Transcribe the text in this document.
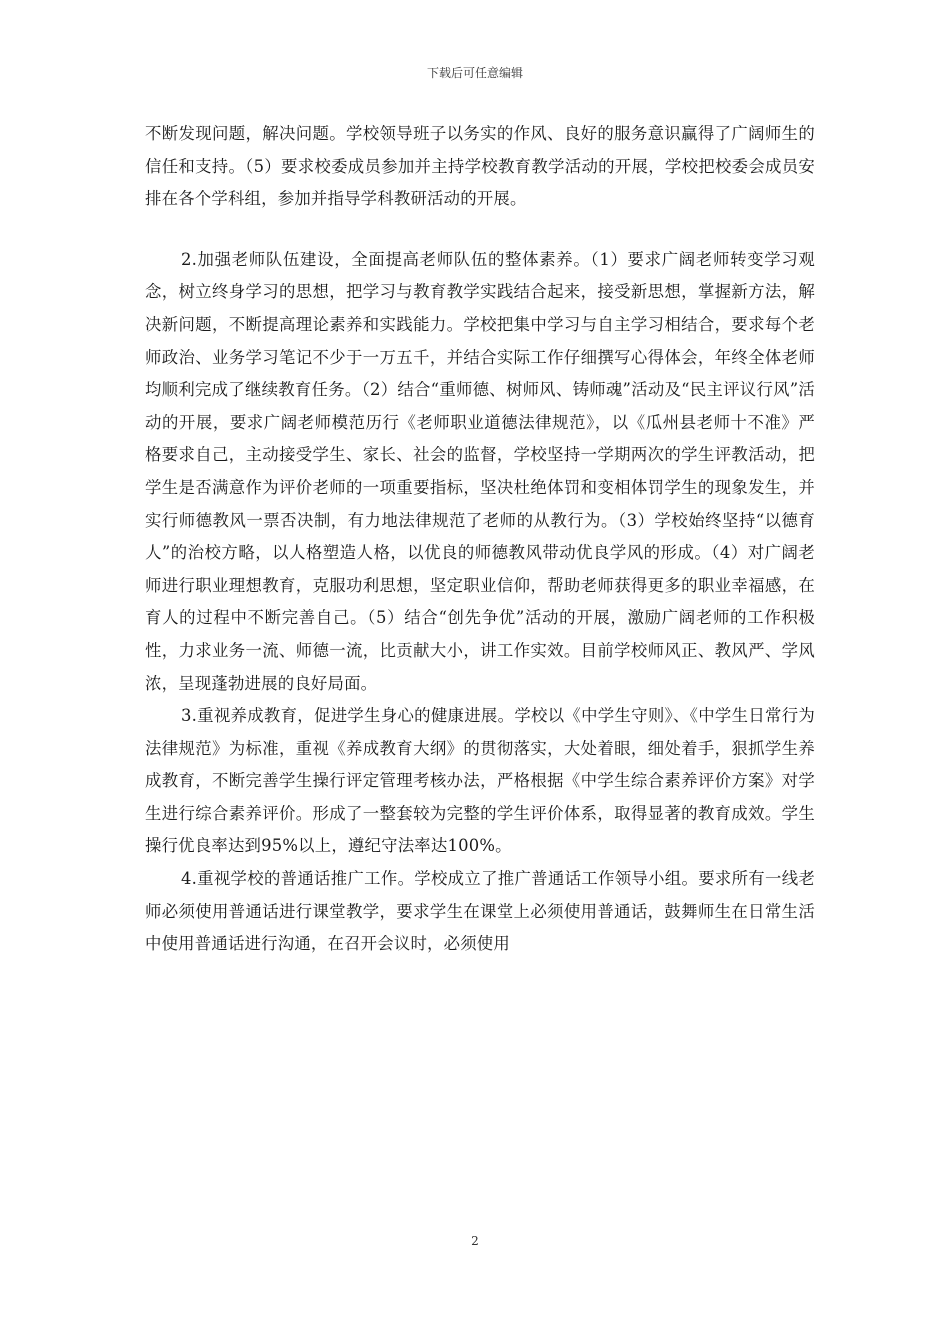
下载后可任意编辑

不断发现问题，解决问题。学校领导班子以务实的作风、良好的服务意识赢得了广阔师生的信任和支持。（5）要求校委成员参加并主持学校教育教学活动的开展，学校把校委会成员安排在各个学科组，参加并指导学科教研活动的开展。

2.加强老师队伍建设，全面提高老师队伍的整体素养。（1）要求广阔老师转变学习观念，树立终身学习的思想，把学习与教育教学实践结合起来，接受新思想，掌握新方法，解决新问题，不断提高理论素养和实践能力。学校把集中学习与自主学习相结合，要求每个老师政治、业务学习笔记不少于一万五千，并结合实际工作仔细撰写心得体会，年终全体老师均顺利完成了继续教育任务。（2）结合“重师德、树师风、铸师魂”活动及“民主评议行风”活动的开展，要求广阔老师模范历行《老师职业道德法律规范》，以《瓜州县老师十不准》严格要求自己，主动接受学生、家长、社会的监督，学校坚持一学期两次的学生评教活动，把学生是否满意作为评价老师的一项重要指标，坚决杜绝体罚和变相体罚学生的现象发生，并实行师德教风一票否决制，有力地法律规范了老师的从教行为。（3）学校始终坚持“以德育人”的治校方略，以人格塑造人格，以优良的师德教风带动优良学风的形成。（4）对广阔老师进行职业理想教育，克服功利思想，坚定职业信仰，帮助老师获得更多的职业幸福感，在育人的过程中不断完善自己。（5）结合“创先争优”活动的开展，激励广阔老师的工作积极性，力求业务一流、师德一流，比贡献大小，讲工作实效。目前学校师风正、教风严、学风浓，呈现蓬勃进展的良好局面。

3.重视养成教育，促进学生身心的健康进展。学校以《中学生守则》、《中学生日常行为法律规范》为标准，重视《养成教育大纲》的贯彻落实，大处着眼，细处着手，狠抓学生养成教育，不断完善学生操行评定管理考核办法，严格根据《中学生综合素养评价方案》对学生进行综合素养评价。形成了一整套较为完整的学生评价体系，取得显著的教育成效。学生操行优良率达到95%以上，遵纪守法率达100%。

4.重视学校的普通话推广工作。学校成立了推广普通话工作领导小组。要求所有一线老师必须使用普通话进行课堂教学，要求学生在课堂上必须使用普通话，鼓舞师生在日常生活中使用普通话进行沟通，在召开会议时，必须使用

2
